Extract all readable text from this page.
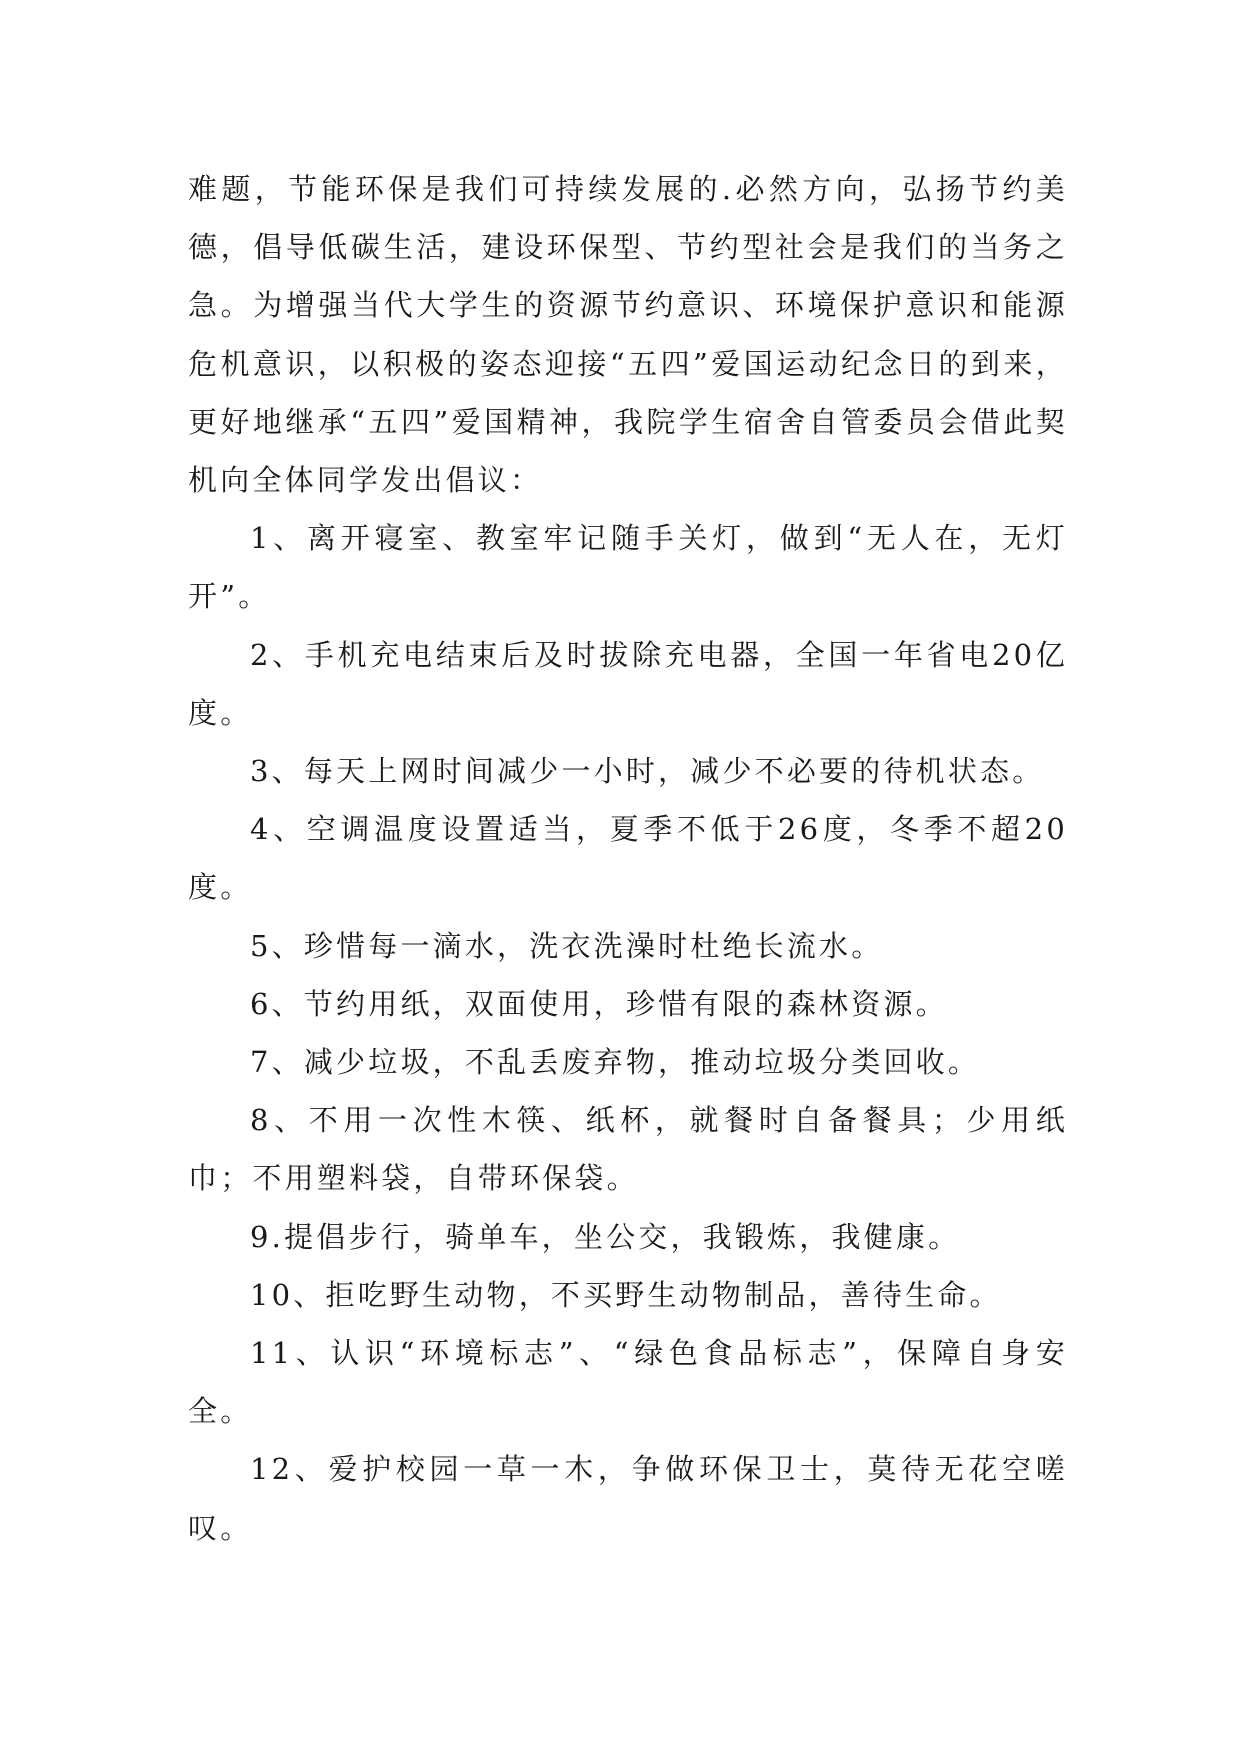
难题，节能环保是我们可持续发展的.必然方向，弘扬节约美德，倡导低碳生活，建设环保型、节约型社会是我们的当务之急。为增强当代大学生的资源节约意识、环境保护意识和能源危机意识，以积极的姿态迎接“五四”爱国运动纪念日的到来，更好地继承“五四”爱国精神，我院学生宿舍自管委员会借此契机向全体同学发出倡议：

1、离开寝室、教室牢记随手关灯，做到“无人在，无灯开”。

2、手机充电结束后及时拔除充电器，全国一年省电20亿度。

3、每天上网时间减少一小时，减少不必要的待机状态。

4、空调温度设置适当，夏季不低于26度，冬季不超20度。

5、珍惜每一滴水，洗衣洗澡时杜绝长流水。

6、节约用纸，双面使用，珍惜有限的森林资源。

7、减少垃圾，不乱丢废弃物，推动垃圾分类回收。

8、不用一次性木筷、纸杯，就餐时自备餐具；少用纸巾；不用塑料袋，自带环保袋。

9.提倡步行，骑单车，坐公交，我锻炼，我健康。

10、拒吃野生动物，不买野生动物制品，善待生命。

11、认识“环境标志”、“绿色食品标志”，保障自身安全。

12、爱护校园一草一木，争做环保卫士，莫待无花空嗟叹。
